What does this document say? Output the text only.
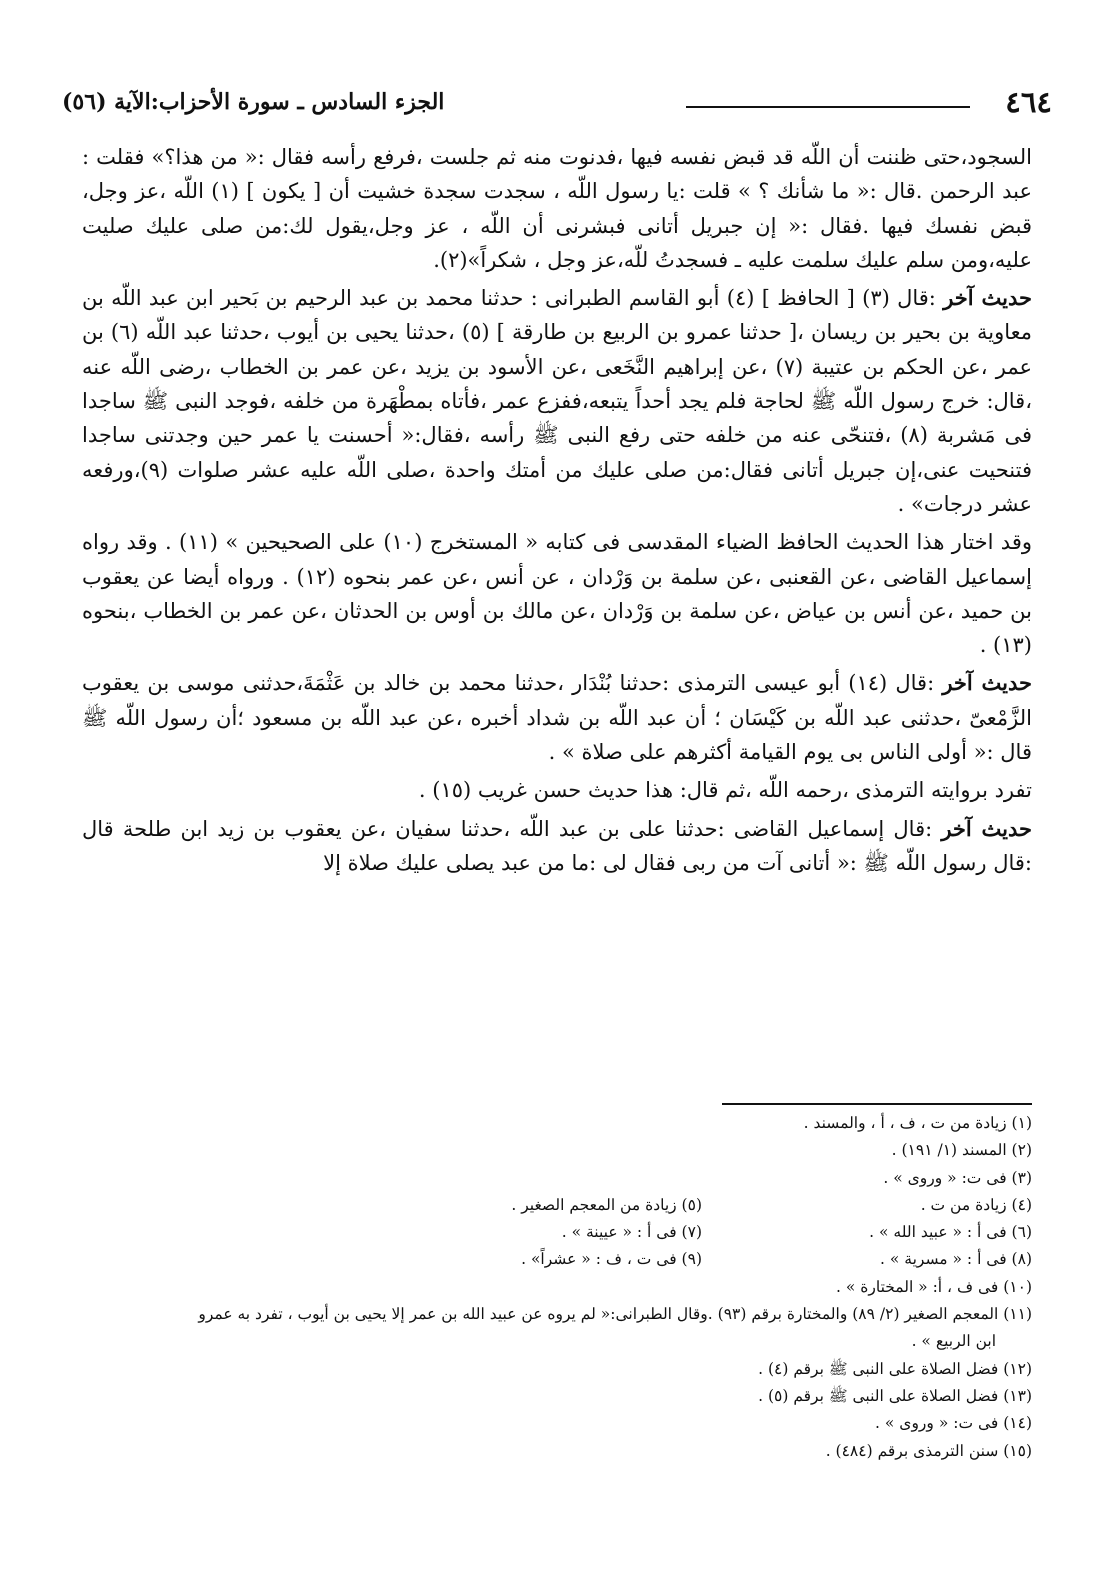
٤٦٤
الجزء السادس ـ سورة الأحزاب:الآية (٥٦)

السجود،حتى ظننت أن اللّه قد قبض نفسه فيها ،فدنوت منه ثم جلست ،فرفع رأسه فقال :« من هذا؟» فقلت : عبد الرحمن .قال :« ما شأنك ؟ » قلت :يا رسول اللّه ، سجدت سجدة خشيت أن [ يكون ] (١) اللّه ،عز وجل، قبض نفسك فيها .فقال :« إن جبريل أتانى فبشرنى أن اللّه ، عز وجل،يقول لك:من صلى عليك صليت عليه،ومن سلم عليك سلمت عليه ـ فسجدتُ للّه،عز وجل ، شكراً»(٢).

حديث آخر :قال (٣) [ الحافظ ] (٤) أبو القاسم الطبرانى : حدثنا محمد بن عبد الرحيم بن بَحير ابن عبد اللّه بن معاوية بن بحير بن ريسان ،[ حدثنا عمرو بن الربيع بن طارقة ] (٥) ،حدثنا يحيى بن أيوب ،حدثنا عبد اللّه (٦) بن عمر ،عن الحكم بن عتيبة (٧) ،عن إبراهيم النَّخَعى ،عن الأسود بن يزيد ،عن عمر بن الخطاب ،رضى اللّه عنه ،قال: خرج رسول اللّه ﷺ لحاجة فلم يجد أحداً يتبعه،ففزع عمر ،فأتاه بمطْهَرة من خلفه ،فوجد النبى ﷺ ساجدا فى مَشربة (٨) ،فتنحّى عنه من خلفه حتى رفع النبى ﷺ رأسه ،فقال:« أحسنت يا عمر حين وجدتنى ساجدا فتنحيت عنى،إن جبريل أتانى فقال:من صلى عليك من أمتك واحدة ،صلى اللّه عليه عشر صلوات (٩)،ورفعه عشر درجات» .

وقد اختار هذا الحديث الحافظ الضياء المقدسى فى كتابه « المستخرج (١٠) على الصحيحين » (١١) . وقد رواه إسماعيل القاضى ،عن القعنبى ،عن سلمة بن وَرْدان ، عن أنس ،عن عمر بنحوه (١٢) . ورواه أيضا عن يعقوب بن حميد ،عن أنس بن عياض ،عن سلمة بن وَرْدان ،عن مالك بن أوس بن الحدثان ،عن عمر بن الخطاب ،بنحوه (١٣) .

حديث آخر :قال (١٤) أبو عيسى الترمذى :حدثنا بُنْدَار ،حدثنا محمد بن خالد بن عَثْمَةَ،حدثنى موسى بن يعقوب الزَّمْعىّ ،حدثنى عبد اللّه بن كَيْسَان ؛ أن عبد اللّه بن شداد أخبره ،عن عبد اللّه بن مسعود ؛أن رسول اللّه ﷺ قال :« أولى الناس بى يوم القيامة أكثرهم على صلاة » .

تفرد بروايته الترمذى ،رحمه اللّه ،ثم قال: هذا حديث حسن غريب (١٥) .

حديث آخر :قال إسماعيل القاضى :حدثنا على بن عبد اللّه ،حدثنا سفيان ،عن يعقوب بن زيد ابن طلحة قال :قال رسول اللّه ﷺ :« أتانى آت من ربى فقال لى :ما من عبد يصلى عليك صلاة إلا

(١) زيادة من ت ، ف ، أ ، والمسند .
(٢) المسند (١/ ١٩١) .
(٣) فى ت: « وروى » .
(٤) زيادة من ت .
(٥) زيادة من المعجم الصغير .
(٦) فى أ : « عبيد الله » .
(٧) فى أ : « عيينة » .
(٨) فى أ : « مسرية » .
(٩) فى ت ، ف : « عشراً» .
(١٠) فى ف ، أ: « المختارة » .
(١١) المعجم الصغير (٢/ ٨٩) والمختارة برقم (٩٣) .وقال الطبرانى:« لم يروه عن عبيد الله بن عمر إلا يحيى بن أيوب ، تفرد به عمرو
ابن الربيع » .
(١٢) فضل الصلاة على النبى ﷺ برقم (٤) .
(١٣) فضل الصلاة على النبى ﷺ برقم (٥) .
(١٤) فى ت: « وروى » .
(١٥) سنن الترمذى برقم (٤٨٤) .
